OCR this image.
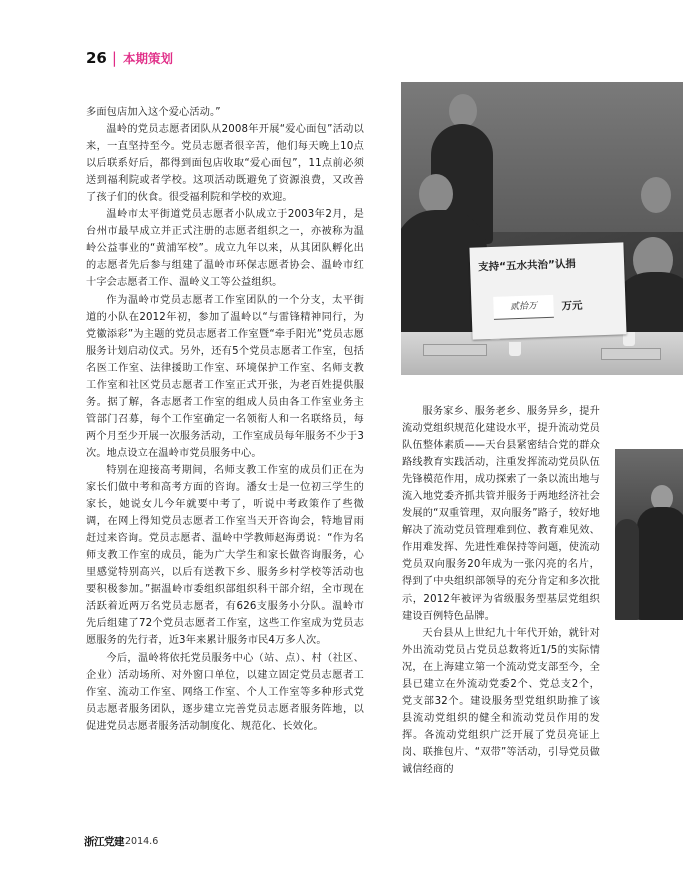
26 | 本期策划

多面包店加入这个爱心活动。”

温岭的党员志愿者团队从2008年开展“爱心面包”活动以来，一直坚持至今。党员志愿者很辛苦，他们每天晚上10点以后联系好后，都得到面包店收取“爱心面包”，11点前必须送到福利院或者学校。这项活动既避免了资源浪费，又改善了孩子们的伙食。很受福利院和学校的欢迎。

温岭市太平街道党员志愿者小队成立于2003年2月，是台州市最早成立并正式注册的志愿者组织之一，亦被称为温岭公益事业的“黄浦军校”。成立九年以来，从其团队孵化出的志愿者先后参与组建了温岭市环保志愿者协会、温岭市红十字会志愿者工作、温岭义工等公益组织。

作为温岭市党员志愿者工作室团队的一个分支，太平街道的小队在2012年初，参加了温岭以“与雷锋精神同行，为党徽添彩”为主题的党员志愿者工作室暨“牵手阳光”党员志愿服务计划启动仪式。另外，还有5个党员志愿者工作室，包括名医工作室、法律援助工作室、环境保护工作室、名师支教工作室和社区党员志愿者工作室正式开张，为老百姓提供服务。据了解，各志愿者工作室的组成人员由各工作室业务主管部门召募，每个工作室确定一名领衔人和一名联络员，每两个月至少开展一次服务活动，工作室成员每年服务不少于3次。地点设立在温岭市党员服务中心。

特别在迎接高考期间，名师支教工作室的成员们正在为家长们做中考和高考方面的咨询。潘女士是一位初三学生的家长，她说女儿今年就要中考了，听说中考政策作了些微调，在网上得知党员志愿者工作室当天开咨询会，特地冒雨赶过来咨询。党员志愿者、温岭中学教师赵海勇说：“作为名师支教工作室的成员，能为广大学生和家长做咨询服务，心里感觉特别高兴，以后有送教下乡、服务乡村学校等活动也要积极参加。”据温岭市委组织部组织科干部介绍，全市现在活跃着近两万名党员志愿者，有626支服务小分队。温岭市先后组建了72个党员志愿者工作室，这些工作室成为党员志愿服务的先行者，近3年来累计服务市民4万多人次。

今后，温岭将依托党员服务中心（站、点）、村（社区、企业）活动场所、对外窗口单位，以建立固定党员志愿者工作室、流动工作室、网络工作室、个人工作室等多种形式党员志愿者服务团队，逐步建立完善党员志愿者服务阵地，以促进党员志愿者服务活动制度化、规范化、长效化。

支持“五水共治”认捐
贰拾万	万元

服务家乡、服务老乡、服务异乡，提升流动党组织规范化建设水平，提升流动党员队伍整体素质——天台县紧密结合党的群众路线教育实践活动，注重发挥流动党员队伍先锋模范作用，成功探索了一条以流出地与流入地党委齐抓共管并服务于两地经济社会发展的“双重管理，双向服务”路子，较好地解决了流动党员管理难到位、教育难见效、作用难发挥、先进性难保持等问题，使流动党员双向服务20年成为一张闪亮的名片，得到了中央组织部领导的充分肯定和多次批示，2012年被评为省级服务型基层党组织建设百例特色品牌。

天台县从上世纪九十年代开始，就针对外出流动党员占党员总数将近1/5的实际情况，在上海建立第一个流动党支部至今，全县已建立在外流动党委2个、党总支2个，党支部32个。建设服务型党组织助推了该县流动党组织的健全和流动党员作用的发挥。各流动党组织广泛开展了党员亮证上岗、联推包片、“双带”等活动，引导党员做诚信经商的

浙江党建 2014.6
